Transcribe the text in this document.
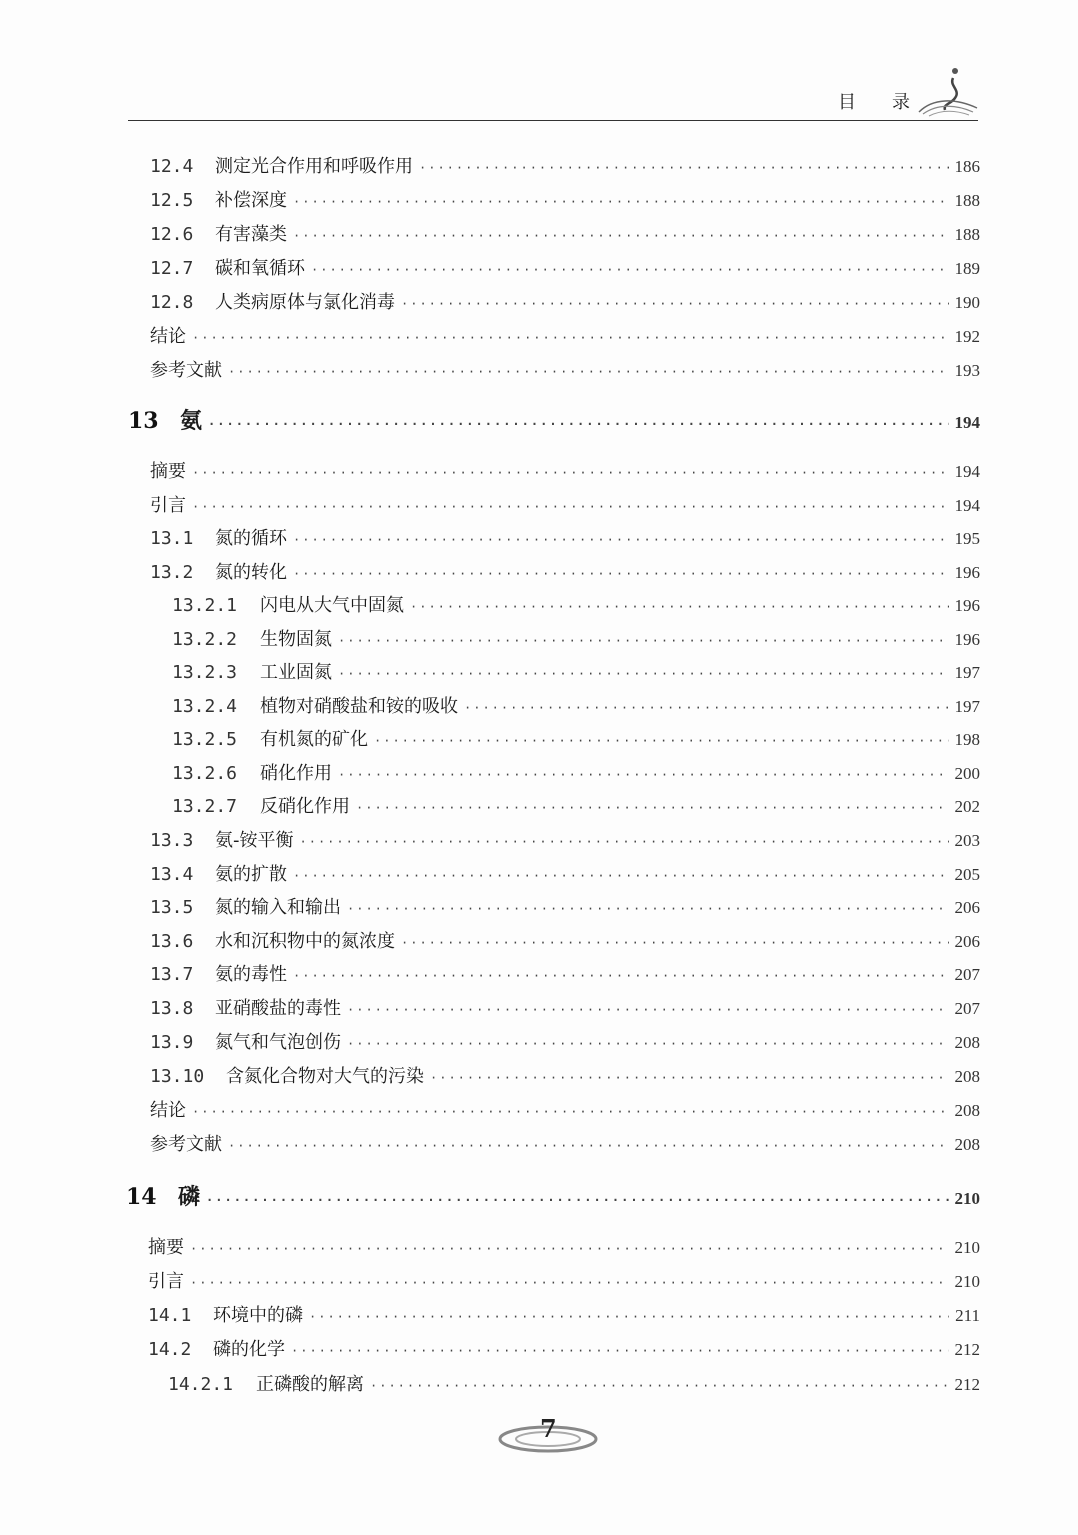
目录
12.4	测定光合作用和呼吸作用 ·····	186
12.5	补偿深度 ·····	188
12.6	有害藻类 ·····	188
12.7	碳和氧循环 ·····	189
12.8	人类病原体与氯化消毒 ·····	190
结论 ·····	192
参考文献 ·····	193
13 氨 ·····	194
摘要 ·····	194
引言 ·····	194
13.1	氮的循环 ·····	195
13.2	氮的转化 ·····	196
13.2.1	闪电从大气中固氮 ·····	196
13.2.2	生物固氮 ·····	196
13.2.3	工业固氮 ·····	197
13.2.4	植物对硝酸盐和铵的吸收 ·····	197
13.2.5	有机氮的矿化 ·····	198
13.2.6	硝化作用 ·····	200
13.2.7	反硝化作用 ·····	202
13.3	氨-铵平衡 ·····	203
13.4	氨的扩散 ·····	205
13.5	氮的输入和输出 ·····	206
13.6	水和沉积物中的氮浓度 ·····	206
13.7	氨的毒性 ·····	207
13.8	亚硝酸盐的毒性 ·····	207
13.9	氮气和气泡创伤 ·····	208
13.10	含氮化合物对大气的污染 ·····	208
结论 ·····	208
参考文献 ·····	208
14 磷 ·····	210
摘要 ·····	210
引言 ·····	210
14.1	环境中的磷 ·····	211
14.2	磷的化学 ·····	212
14.2.1	正磷酸的解离 ·····	212
7
